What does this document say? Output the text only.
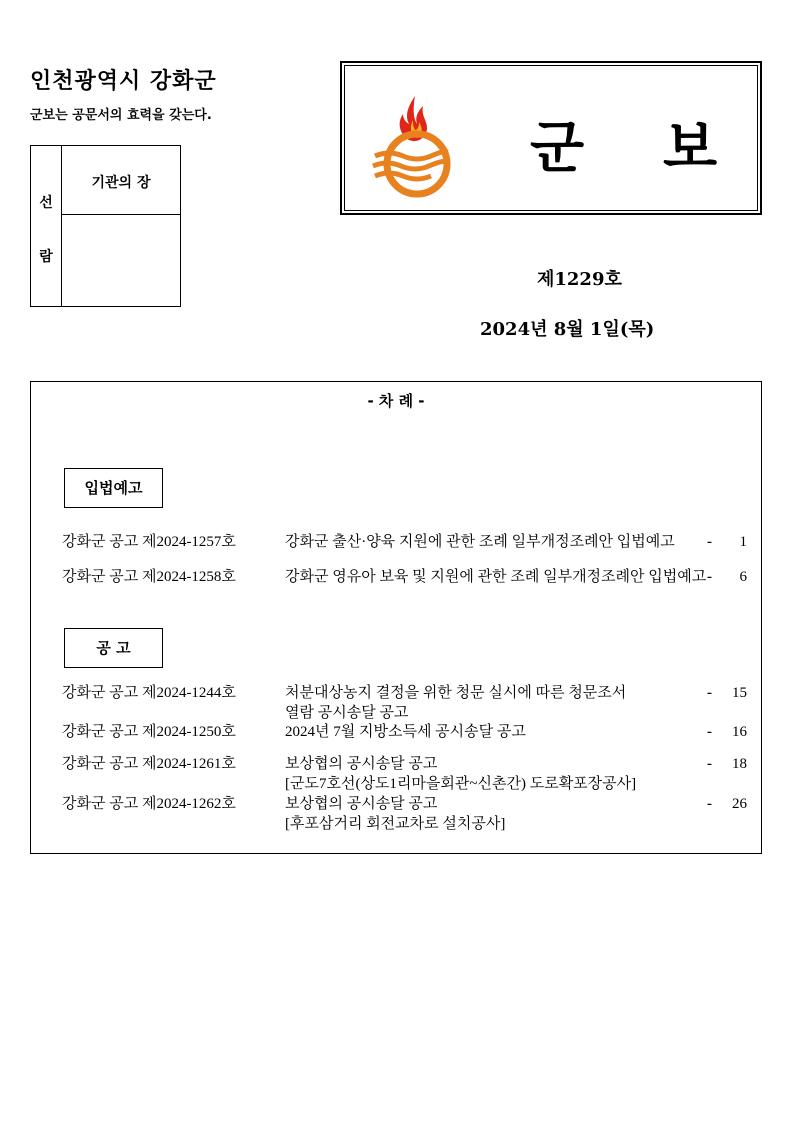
인천광역시 강화군
군보는 공문서의 효력을 갖는다.
선
람
기관의 장
군 보
제1229호
2024년 8월 1일(목)
- 차 례 -
입법예고
강화군 공고 제2024-1257호	강화군 출산·양육 지원에 관한 조례 일부개정조례안 입법예고	- 1
강화군 공고 제2024-1258호	강화군 영유아 보육 및 지원에 관한 조례 일부개정조례안 입법예고 - 6
공 고
강화군 공고 제2024-1244호	처분대상농지 결정을 위한 청문 실시에 따른 청문조서	- 15
열람 공시송달 공고
강화군 공고 제2024-1250호	2024년 7월 지방소득세 공시송달 공고	- 16
강화군 공고 제2024-1261호	보상협의 공시송달 공고	- 18
[군도7호선(상도1리마을회관~신촌간) 도로확포장공사]
강화군 공고 제2024-1262호	보상협의 공시송달 공고	- 26
[후포삼거리 회전교차로 설치공사]
